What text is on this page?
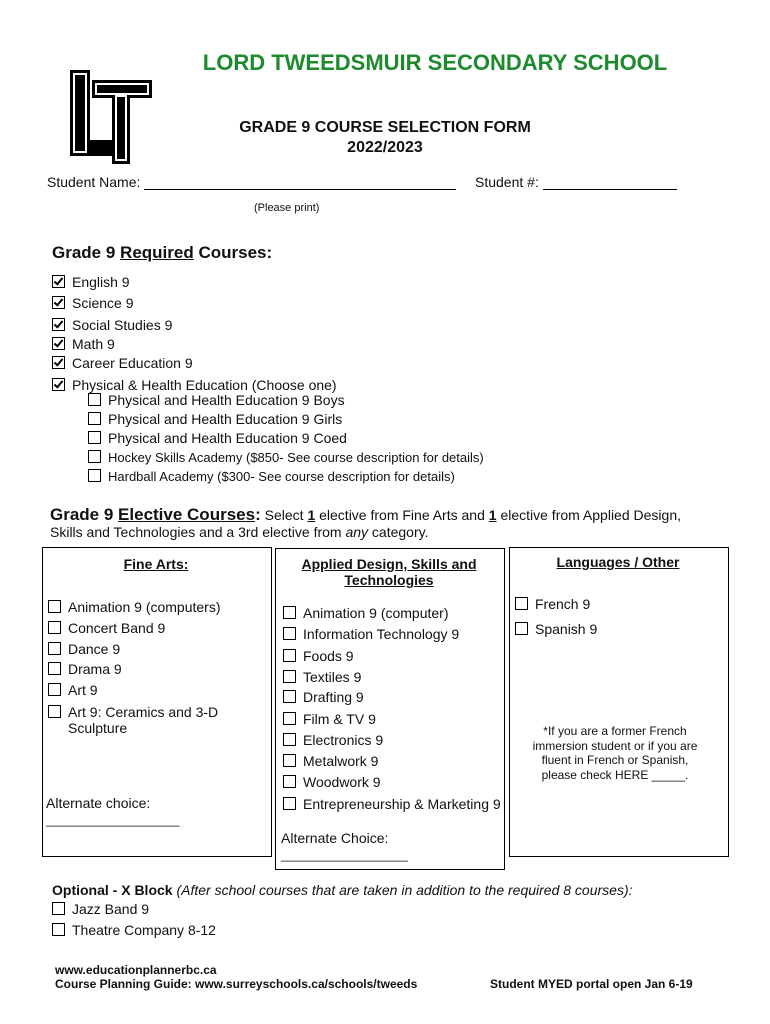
LORD TWEEDSMUIR SECONDARY SCHOOL
GRADE 9 COURSE SELECTION FORM
2022/2023
Student Name:	Student #:
(Please print)
Grade 9 Required Courses:
English 9
Science 9
Social Studies 9
Math 9
Career Education 9
Physical & Health Education (Choose one)
Physical and Health Education 9 Boys
Physical and Health Education 9 Girls
Physical and Health Education 9 Coed
Hockey Skills Academy ($850- See course description for details)
Hardball Academy ($300- See course description for details)
Grade 9 Elective Courses: Select 1 elective from Fine Arts and 1 elective from Applied Design,
Skills and Technologies and a 3rd elective from any category.
Fine Arts:
Animation 9 (computers)
Concert Band 9
Dance 9
Drama 9
Art 9
Art 9: Ceramics and 3-D
Sculpture
Alternate choice:
____________________
Applied Design, Skills and
Technologies
Animation 9 (computer)
Information Technology 9
Foods 9
Textiles 9
Drafting 9
Film & TV 9
Electronics 9
Metalwork 9
Woodwork 9
Entrepreneurship & Marketing 9
Alternate Choice:
___________________
Languages / Other
French 9
Spanish 9
*If you are a former French
immersion student or if you are
fluent in French or Spanish,
please check HERE _____.
Optional - X Block (After school courses that are taken in addition to the required 8 courses):
Jazz Band 9
Theatre Company 8-12
www.educationplannerbc.ca
Course Planning Guide: www.surreyschools.ca/schools/tweeds	Student MYED portal open Jan 6-19
